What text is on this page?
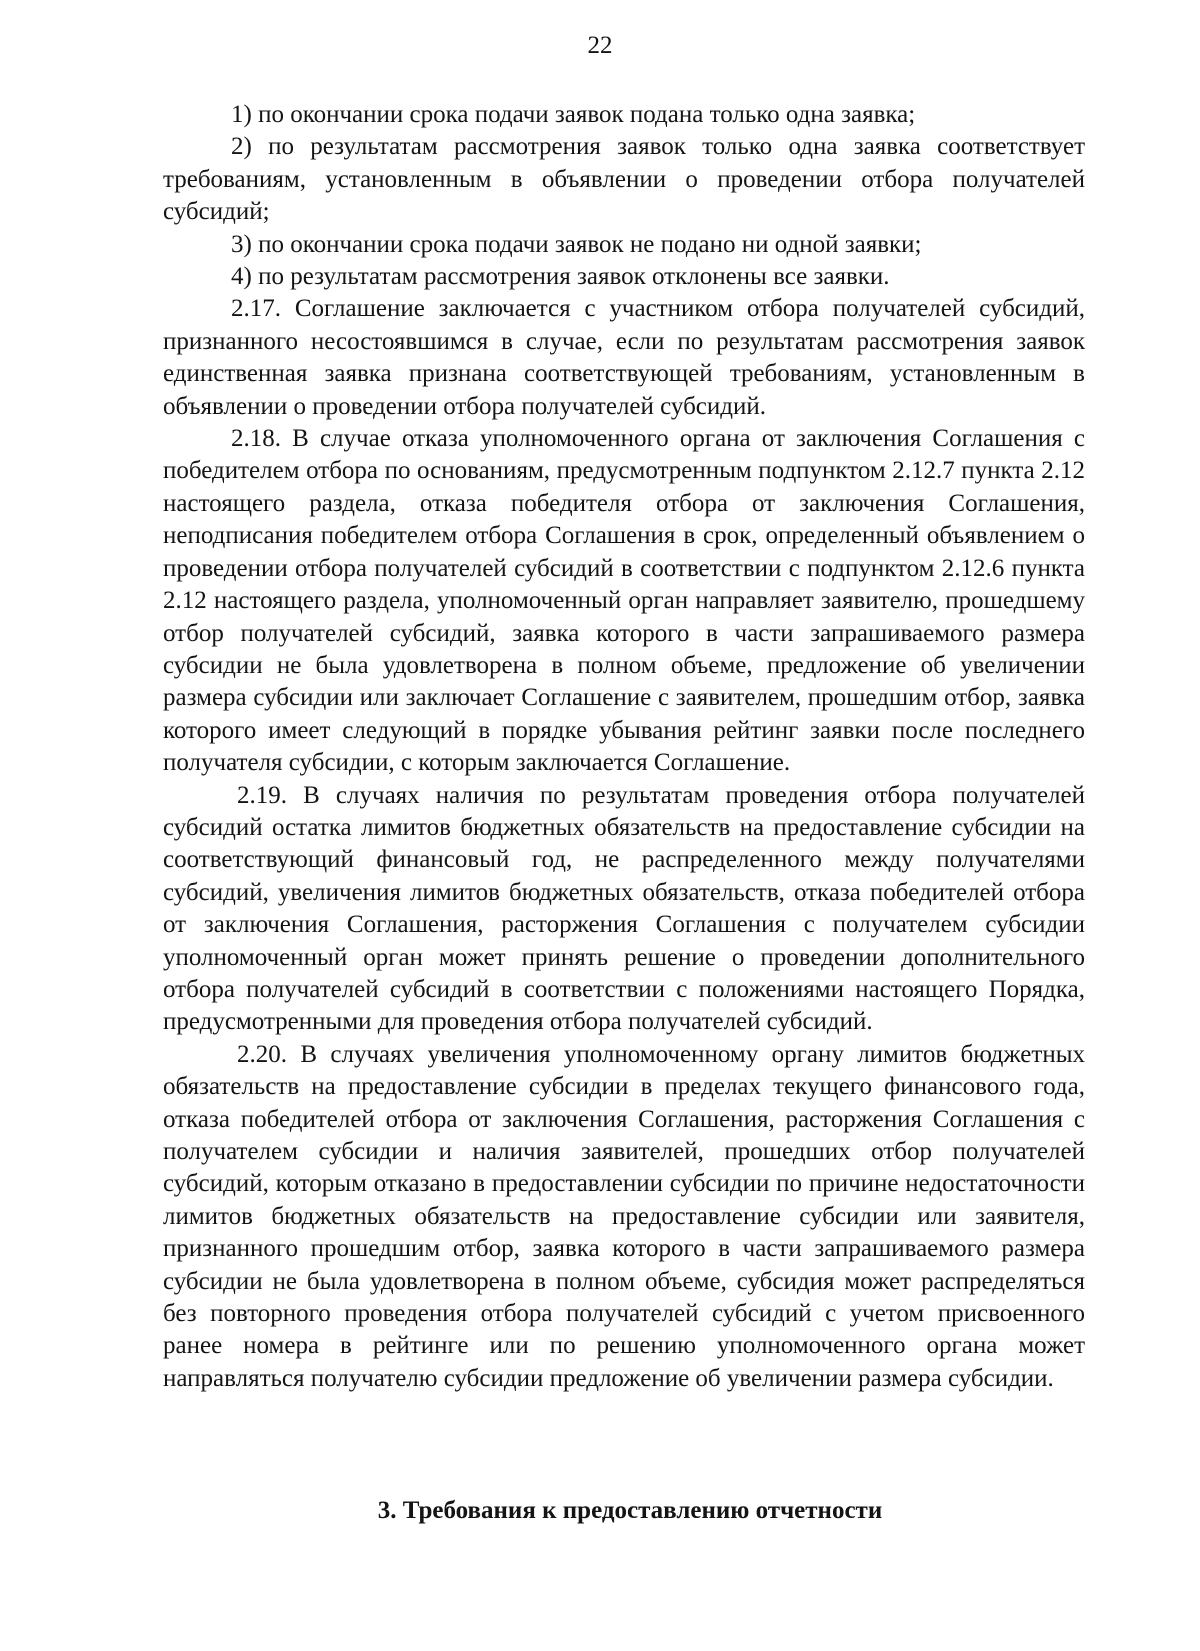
22

1) по окончании срока подачи заявок подана только одна заявка;

2) по результатам рассмотрения заявок только одна заявка соответствует требованиям, установленным в объявлении о проведении отбора получателей субсидий;

3) по окончании срока подачи заявок не подано ни одной заявки;

4) по результатам рассмотрения заявок отклонены все заявки.

2.17. Соглашение заключается с участником отбора получателей субсидий, признанного несостоявшимся в случае, если по результатам рассмотрения заявок единственная заявка признана соответствующей требованиям, установленным в объявлении о проведении отбора получателей субсидий.

2.18. В случае отказа уполномоченного органа от заключения Соглашения с победителем отбора по основаниям, предусмотренным подпунктом 2.12.7 пункта 2.12 настоящего раздела, отказа победителя отбора от заключения Соглашения, неподписания победителем отбора Соглашения в срок, определенный объявлением о проведении отбора получателей субсидий в соответствии с подпунктом 2.12.6 пункта 2.12 настоящего раздела, уполномоченный орган направляет заявителю, прошедшему отбор получателей субсидий, заявка которого в части запрашиваемого размера субсидии не была удовлетворена в полном объеме, предложение об увеличении размера субсидии или заключает Соглашение с заявителем, прошедшим отбор, заявка которого имеет следующий в порядке убывания рейтинг заявки после последнего получателя субсидии, с которым заключается Соглашение.

2.19. В случаях наличия по результатам проведения отбора получателей субсидий остатка лимитов бюджетных обязательств на предоставление субсидии на соответствующий финансовый год, не распределенного между получателями субсидий, увеличения лимитов бюджетных обязательств, отказа победителей отбора от заключения Соглашения, расторжения Соглашения с получателем субсидии уполномоченный орган может принять решение о проведении дополнительного отбора получателей субсидий в соответствии с положениями настоящего Порядка, предусмотренными для проведения отбора получателей субсидий.

2.20. В случаях увеличения уполномоченному органу лимитов бюджетных обязательств на предоставление субсидии в пределах текущего финансового года, отказа победителей отбора от заключения Соглашения, расторжения Соглашения с получателем субсидии и наличия заявителей, прошедших отбор получателей субсидий, которым отказано в предоставлении субсидии по причине недостаточности лимитов бюджетных обязательств на предоставление субсидии или заявителя, признанного прошедшим отбор, заявка которого в части запрашиваемого размера субсидии не была удовлетворена в полном объеме, субсидия может распределяться без повторного проведения отбора получателей субсидий с учетом присвоенного ранее номера в рейтинге или по решению уполномоченного органа может направляться получателю субсидии предложение об увеличении размера субсидии.

3. Требования к предоставлению отчетности
